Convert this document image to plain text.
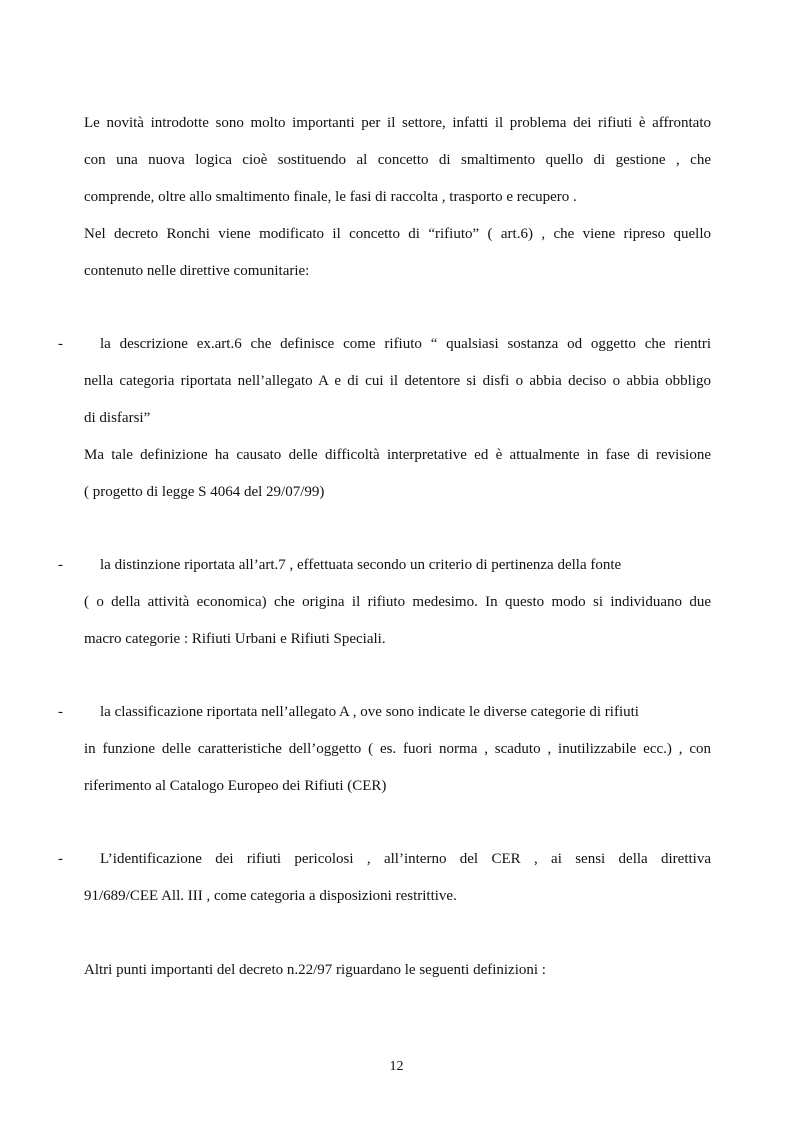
Le novità introdotte sono molto importanti per il settore, infatti il problema dei rifiuti è affrontato
con una nuova logica cioè sostituendo al concetto di smaltimento quello di gestione , che
comprende, oltre allo smaltimento finale, le fasi di raccolta , trasporto e recupero .
Nel decreto Ronchi viene modificato il concetto di “rifiuto” ( art.6) , che viene ripreso quello
contenuto nelle direttive comunitarie:
- la descrizione ex.art.6 che definisce come rifiuto “ qualsiasi sostanza od oggetto che rientri
nella categoria riportata nell’allegato A e di cui il detentore si disfi o abbia deciso o abbia obbligo
di disfarsi”
Ma tale definizione ha causato delle difficoltà interpretative ed è attualmente in fase di revisione
( progetto di legge S 4064 del 29/07/99)
- la distinzione riportata all’art.7 , effettuata secondo un criterio di pertinenza della fonte
( o della attività economica) che origina il rifiuto medesimo. In questo modo si individuano due
macro categorie : Rifiuti Urbani e Rifiuti Speciali.
- la classificazione riportata nell’allegato A , ove sono indicate le diverse categorie di rifiuti
in funzione delle caratteristiche dell’oggetto ( es. fuori norma , scaduto , inutilizzabile ecc.) , con
riferimento al Catalogo Europeo dei Rifiuti (CER)
- L’identificazione dei rifiuti pericolosi , all’interno del CER , ai sensi della direttiva
91/689/CEE All. III , come categoria a disposizioni restrittive.
Altri punti importanti del decreto n.22/97 riguardano le seguenti definizioni :
12
